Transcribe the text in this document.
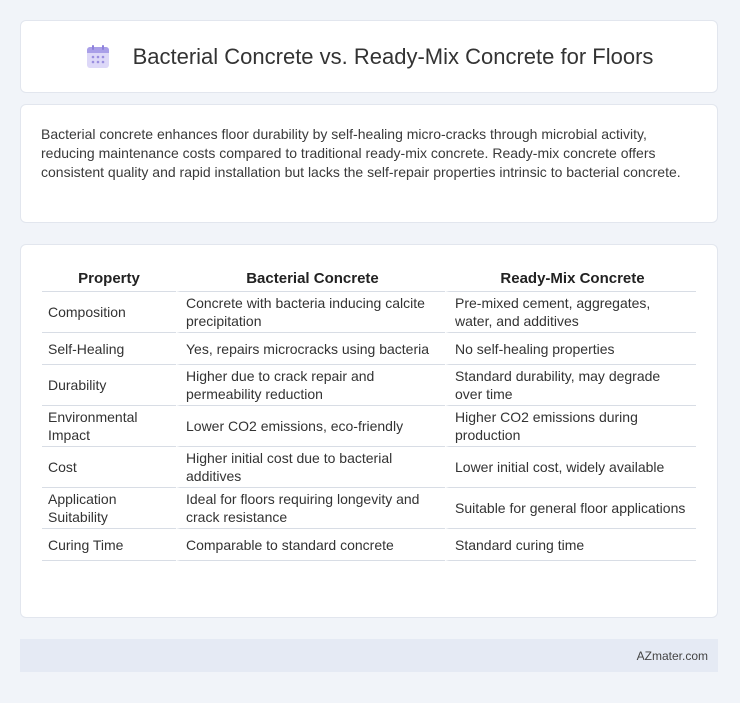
Bacterial Concrete vs. Ready-Mix Concrete for Floors

Bacterial concrete enhances floor durability by self-healing micro-cracks through microbial activity, reducing maintenance costs compared to traditional ready-mix concrete. Ready-mix concrete offers consistent quality and rapid installation but lacks the self-repair properties intrinsic to bacterial concrete.

Property	Bacterial Concrete	Ready-Mix Concrete
Composition	Concrete with bacteria inducing calcite precipitation	Pre-mixed cement, aggregates, water, and additives
Self-Healing	Yes, repairs microcracks using bacteria	No self-healing properties
Durability	Higher due to crack repair and permeability reduction	Standard durability, may degrade over time
Environmental Impact	Lower CO2 emissions, eco-friendly	Higher CO2 emissions during production
Cost	Higher initial cost due to bacterial additives	Lower initial cost, widely available
Application Suitability	Ideal for floors requiring longevity and crack resistance	Suitable for general floor applications
Curing Time	Comparable to standard concrete	Standard curing time
AZmater.com
